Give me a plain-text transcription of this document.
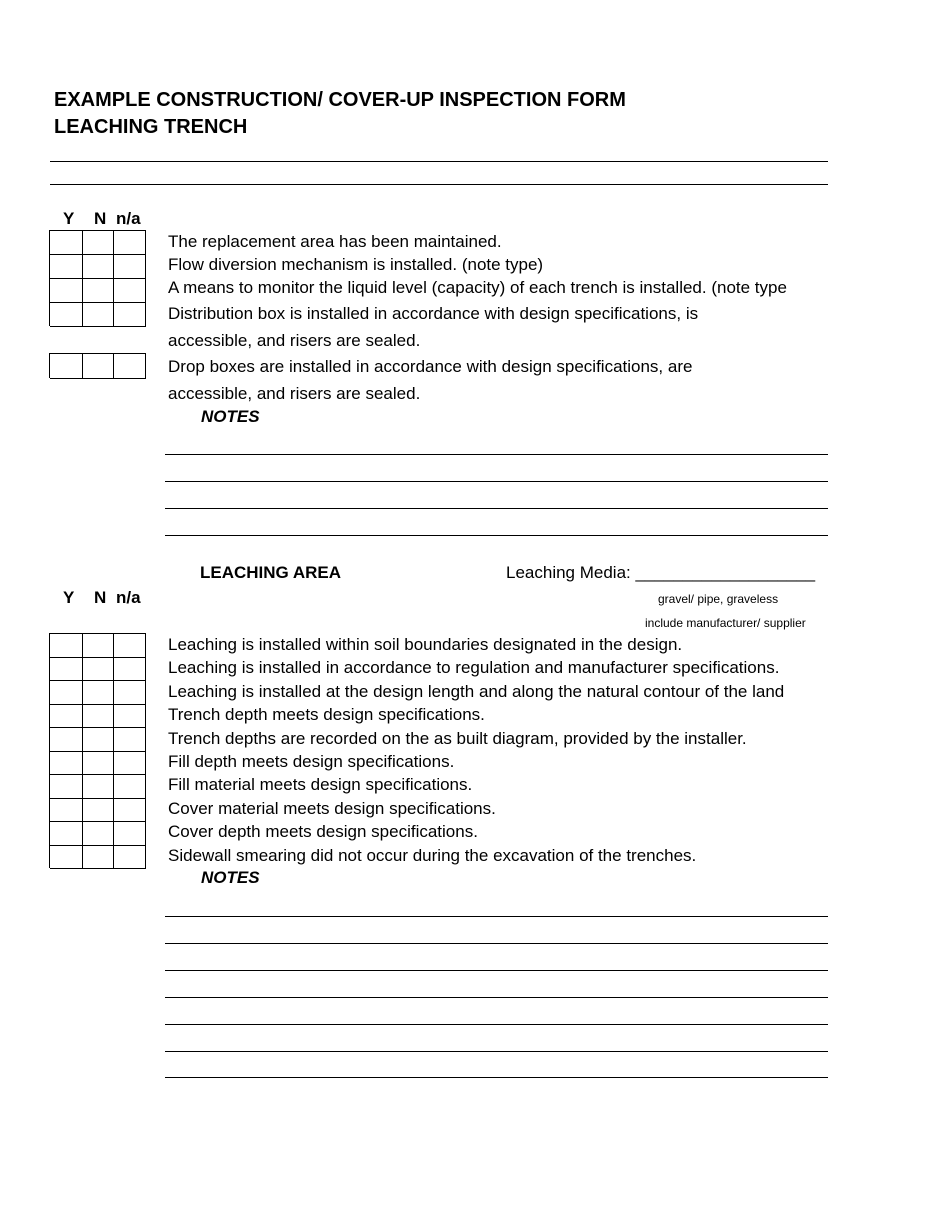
EXAMPLE CONSTRUCTION/ COVER-UP INSPECTION FORM
LEACHING TRENCH
Y N n/a
The replacement area has been maintained.
Flow diversion mechanism is installed. (note type)
A means to monitor the liquid level (capacity) of each trench is installed. (note type
Distribution box is installed in accordance with design specifications, is
accessible, and risers are sealed.
Drop boxes are installed in accordance with design specifications, are
accessible, and risers are sealed.
NOTES
LEACHING AREA	Leaching Media: ___________________
gravel/ pipe, graveless
include manufacturer/ supplier
Y N n/a
Leaching is installed within soil boundaries designated in the design.
Leaching is installed in accordance to regulation and manufacturer specifications.
Leaching is installed at the design length and along the natural contour of the land
Trench depth meets design specifications.
Trench depths are recorded on the as built diagram, provided by the installer.
Fill depth meets design specifications.
Fill material meets design specifications.
Cover material meets design specifications.
Cover depth meets design specifications.
Sidewall smearing did not occur during the excavation of the trenches.
NOTES
